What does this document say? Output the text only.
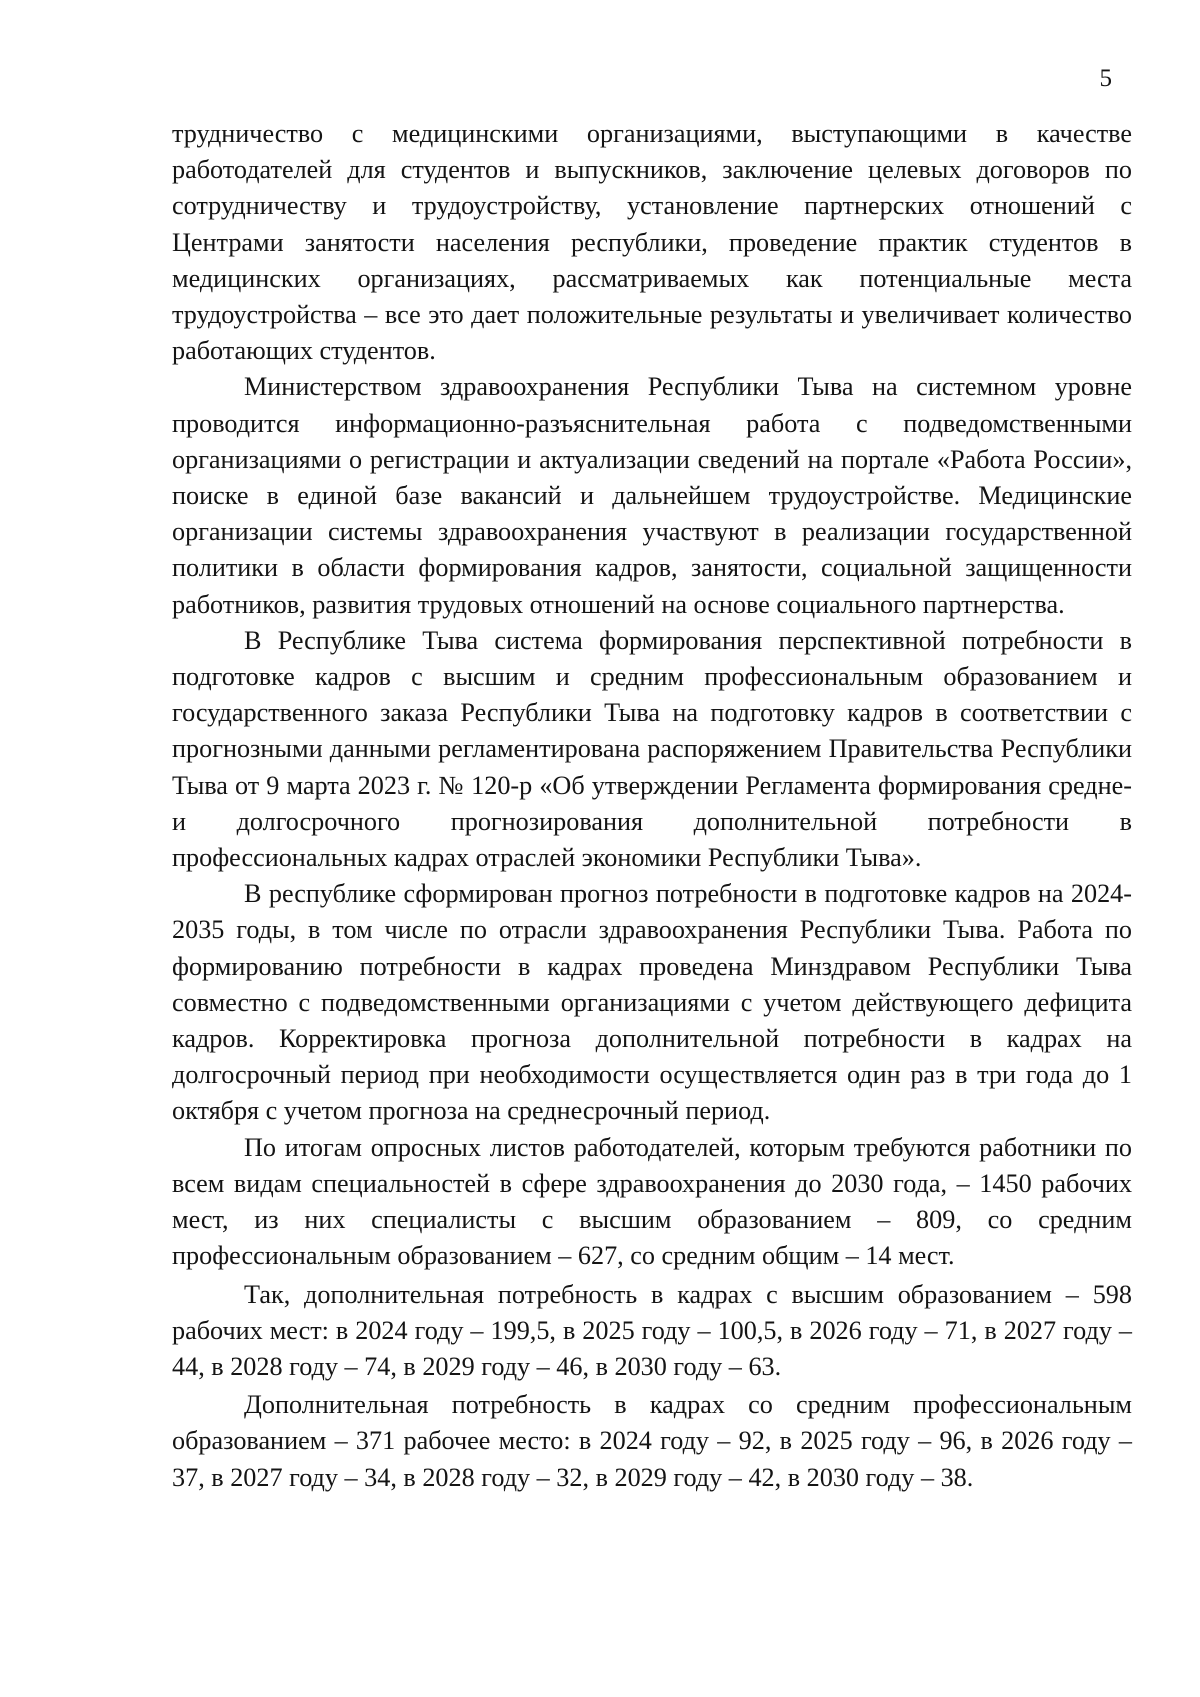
5

трудничество с медицинскими организациями, выступающими в качестве работодателей для студентов и выпускников, заключение целевых договоров по сотрудничеству и трудоустройству, установление партнерских отношений с Центрами занятости населения республики, проведение практик студентов в медицинских организациях, рассматриваемых как потенциальные места трудоустройства – все это дает положительные результаты и увеличивает количество работающих студентов.

Министерством здравоохранения Республики Тыва на системном уровне проводится информационно-разъяснительная работа с подведомственными организациями о регистрации и актуализации сведений на портале «Работа России», поиске в единой базе вакансий и дальнейшем трудоустройстве. Медицинские организации системы здравоохранения участвуют в реализации государственной политики в области формирования кадров, занятости, социальной защищенности работников, развития трудовых отношений на основе социального партнерства.

В Республике Тыва система формирования перспективной потребности в подготовке кадров с высшим и средним профессиональным образованием и государственного заказа Республики Тыва на подготовку кадров в соответствии с прогнозными данными регламентирована распоряжением Правительства Республики Тыва от 9 марта 2023 г. № 120-р «Об утверждении Регламента формирования средне- и долгосрочного прогнозирования дополнительной потребности в профессиональных кадрах отраслей экономики Республики Тыва».

В республике сформирован прогноз потребности в подготовке кадров на 2024-2035 годы, в том числе по отрасли здравоохранения Республики Тыва. Работа по формированию потребности в кадрах проведена Минздравом Республики Тыва совместно с подведомственными организациями с учетом действующего дефицита кадров. Корректировка прогноза дополнительной потребности в кадрах на долгосрочный период при необходимости осуществляется один раз в три года до 1 октября с учетом прогноза на среднесрочный период.

По итогам опросных листов работодателей, которым требуются работники по всем видам специальностей в сфере здравоохранения до 2030 года, – 1450 рабочих мест, из них специалисты с высшим образованием – 809, со средним профессиональным образованием – 627, со средним общим – 14 мест.

Так, дополнительная потребность в кадрах с высшим образованием – 598 рабочих мест: в 2024 году – 199,5, в 2025 году – 100,5, в 2026 году – 71, в 2027 году – 44, в 2028 году – 74, в 2029 году – 46, в 2030 году – 63.

Дополнительная потребность в кадрах со средним профессиональным образованием – 371 рабочее место: в 2024 году – 92, в 2025 году – 96, в 2026 году – 37, в 2027 году – 34, в 2028 году – 32, в 2029 году – 42, в 2030 году – 38.
